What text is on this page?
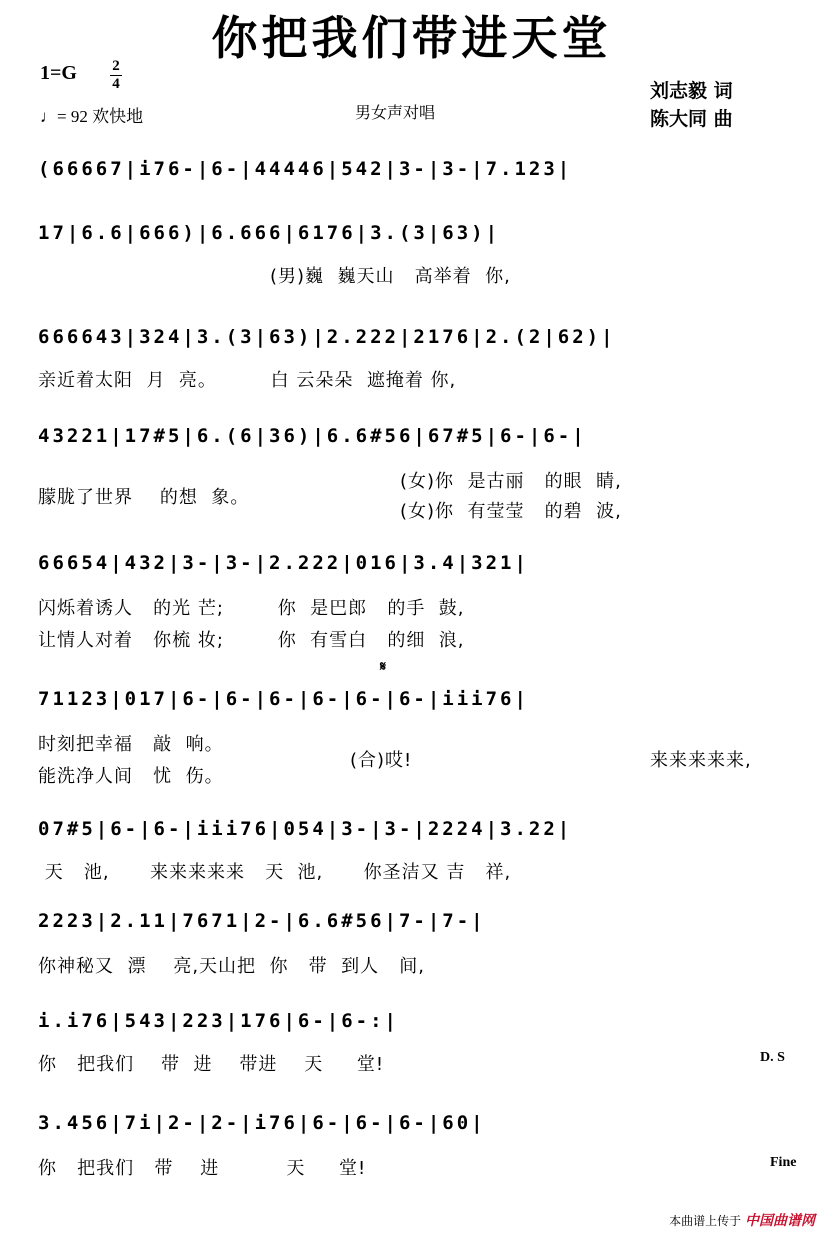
你把我们带进天堂
1=G 2
4
♩= 92 欢快地	男女声对唱
刘志毅 词
陈大同 曲
(66667|i76-|6-|44446|542|3-|3-|7.123|
17|6.6|666)|6.666|6176|3.(3|63)|
(男)巍  巍天山   高举着  你,
666643|324|3.(3|63)|2.222|2176|2.(2|62)|
亲近着太阳  月  亮。        白 云朵朵  遮掩着 你,
43221|17#5|6.(6|36)|6.6#56|67#5|6-|6-|
朦胧了世界    的想  象。
(女)你  是古丽   的眼  睛,
(女)你  有莹莹   的碧  波,
66654|432|3-|3-|2.222|016|3.4|321|
闪烁着诱人   的光 芒;        你  是巴郎   的手  鼓,
让情人对着   你梳 妆;        你  有雪白   的细  浪,
𝄋
71123|017|6-|6-|6-|6-|6-|6-|iii76|
时刻把幸福   敲  响。
能洗净人间   忧  伤。
(合)哎!	来来来来来,
07#5|6-|6-|iii76|054|3-|3-|2224|3.22|
天   池,      来来来来来   天  池,      你圣洁又 吉   祥,
2223|2.11|7671|2-|6.6#56|7-|7-|
你神秘又  漂    亮,天山把  你   带  到人   间,
i.i76|543|223|176|6-|6-:|
你   把我们    带  进    带进    天     堂!	D. S
3.456|7i|2-|2-|i76|6-|6-|6-|60|
你   把我们   带    进          天     堂!	Fine
本曲谱上传于 中国曲谱网
